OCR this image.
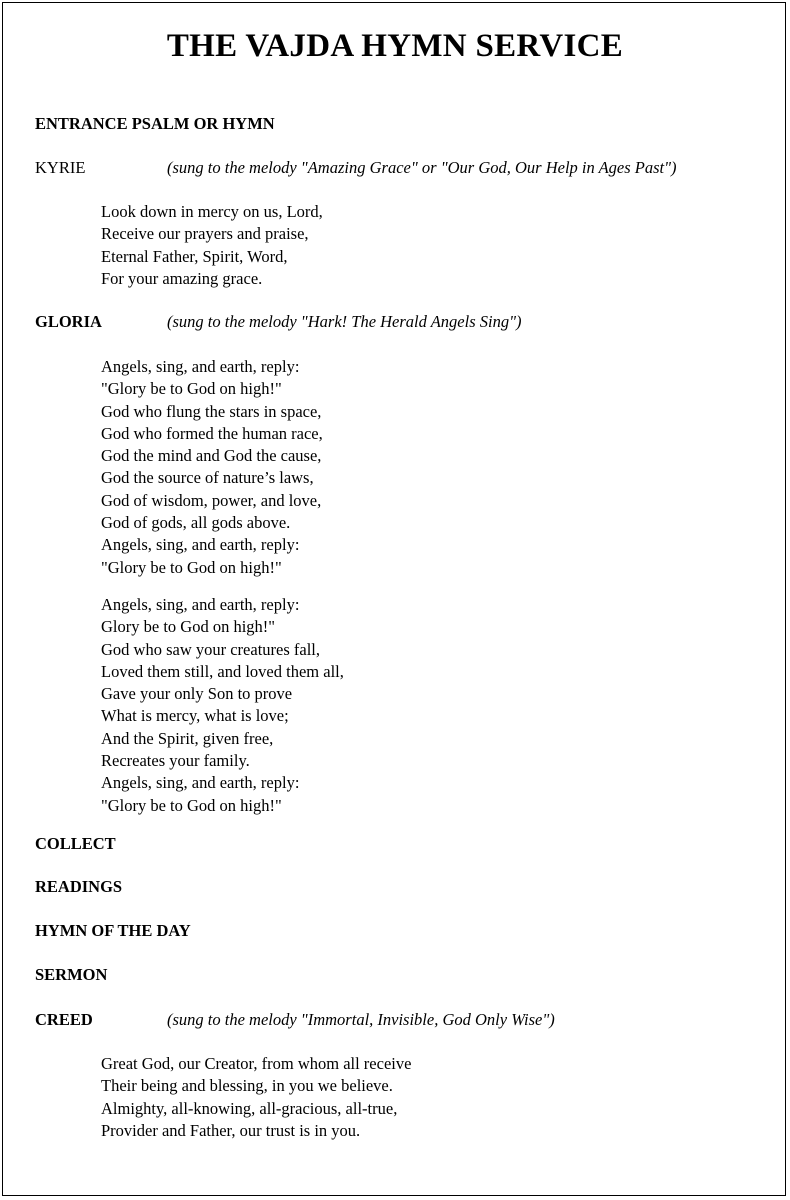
THE VAJDA HYMN SERVICE
ENTRANCE PSALM OR HYMN
KYRIE	(sung to the melody "Amazing Grace" or "Our God, Our Help in Ages Past")
Look down in mercy on us, Lord,
Receive our prayers and praise,
Eternal Father, Spirit, Word,
For your amazing grace.
GLORIA	(sung to the melody "Hark! The Herald Angels Sing")
Angels, sing, and earth, reply:
"Glory be to God on high!"
God who flung the stars in space,
God who formed the human race,
God the mind and God the cause,
God the source of nature’s laws,
God of wisdom, power, and love,
God of gods, all gods above.
Angels, sing, and earth, reply:
"Glory be to God on high!"
Angels, sing, and earth, reply:
Glory be to God on high!"
God who saw your creatures fall,
Loved them still, and loved them all,
Gave your only Son to prove
What is mercy, what is love;
And the Spirit, given free,
Recreates your family.
Angels, sing, and earth, reply:
"Glory be to God on high!"
COLLECT
READINGS
HYMN OF THE DAY
SERMON
CREED	(sung to the melody "Immortal, Invisible, God Only Wise")
Great God, our Creator, from whom all receive
Their being and blessing, in you we believe.
Almighty, all-knowing, all-gracious, all-true,
Provider and Father, our trust is in you.
